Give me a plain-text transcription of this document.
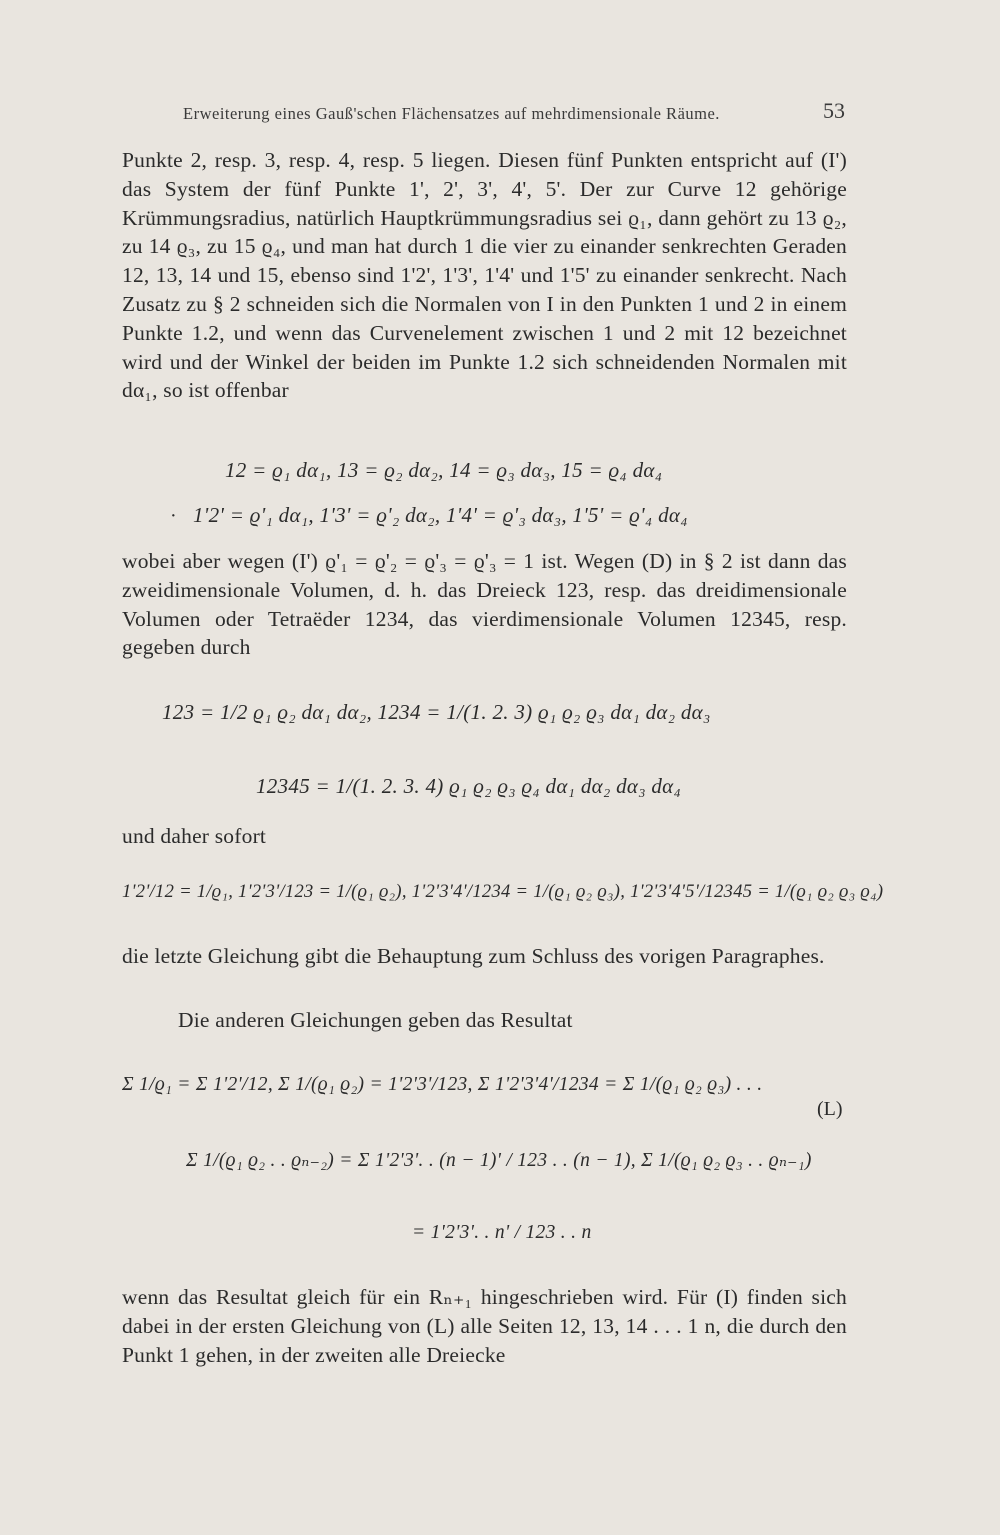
Erweiterung eines Gauß'schen Flächensatzes auf mehrdimensionale Räume.	53
Punkte 2, resp. 3, resp. 4, resp. 5 liegen. Diesen fünf Punkten entspricht auf (I') das System der fünf Punkte 1', 2', 3', 4', 5'. Der zur Curve 12 gehörige Krümmungsradius, natürlich Hauptkrümmungsradius sei ϱ₁, dann gehört zu 13 ϱ₂, zu 14 ϱ₃, zu 15 ϱ₄, und man hat durch 1 die vier zu einander senkrechten Geraden 12, 13, 14 und 15, ebenso sind 1'2', 1'3', 1'4' und 1'5' zu einander senkrecht. Nach Zusatz zu § 2 schneiden sich die Normalen von I in den Punkten 1 und 2 in einem Punkte 1.2, und wenn das Curvenelement zwischen 1 und 2 mit 12 bezeichnet wird und der Winkel der beiden im Punkte 1.2 sich schneidenden Normalen mit dα₁, so ist offenbar
12 = ϱ₁ dα₁, 13 = ϱ₂ dα₂, 14 = ϱ₃ dα₃, 15 = ϱ₄ dα₄
· 1'2' = ϱ'₁ dα₁, 1'3' = ϱ'₂ dα₂, 1'4' = ϱ'₃ dα₃, 1'5' = ϱ'₄ dα₄
wobei aber wegen (I') ϱ'₁ = ϱ'₂ = ϱ'₃ = ϱ'₃ = 1 ist. Wegen (D) in § 2 ist dann das zweidimensionale Volumen, d. h. das Dreieck 123, resp. das dreidimensionale Volumen oder Tetraëder 1234, das vierdimensionale Volumen 12345, resp. gegeben durch
123 = 1/2 ϱ₁ ϱ₂ dα₁ dα₂, 1234 = 1/(1. 2. 3) ϱ₁ ϱ₂ ϱ₃ dα₁ dα₂ dα₃
12345 = 1/(1. 2. 3. 4) ϱ₁ ϱ₂ ϱ₃ ϱ₄ dα₁ dα₂ dα₃ dα₄
und daher sofort
1'2'/12 = 1/ϱ₁, 1'2'3'/123 = 1/(ϱ₁ ϱ₂), 1'2'3'4'/1234 = 1/(ϱ₁ ϱ₂ ϱ₃), 1'2'3'4'5'/12345 = 1/(ϱ₁ ϱ₂ ϱ₃ ϱ₄)
die letzte Gleichung gibt die Behauptung zum Schluss des vorigen Paragraphes.
Die anderen Gleichungen geben das Resultat
Σ 1/ϱ₁ = Σ 1'2'/12, Σ 1/(ϱ₁ ϱ₂) = 1'2'3'/123, Σ 1'2'3'4'/1234 = Σ 1/(ϱ₁ ϱ₂ ϱ₃) . . .
(L)
Σ 1/(ϱ₁ ϱ₂ . . ϱₙ₋₂) = Σ 1'2'3'. . (n − 1)' / 123 . . (n − 1), Σ 1/(ϱ₁ ϱ₂ ϱ₃ . . ϱₙ₋₁)
= 1'2'3'. . n' / 123 . . n
wenn das Resultat gleich für ein Rₙ₊₁ hingeschrieben wird. Für (I) finden sich dabei in der ersten Gleichung von (L) alle Seiten 12, 13, 14 . . . 1 n, die durch den Punkt 1 gehen, in der zweiten alle Dreiecke
